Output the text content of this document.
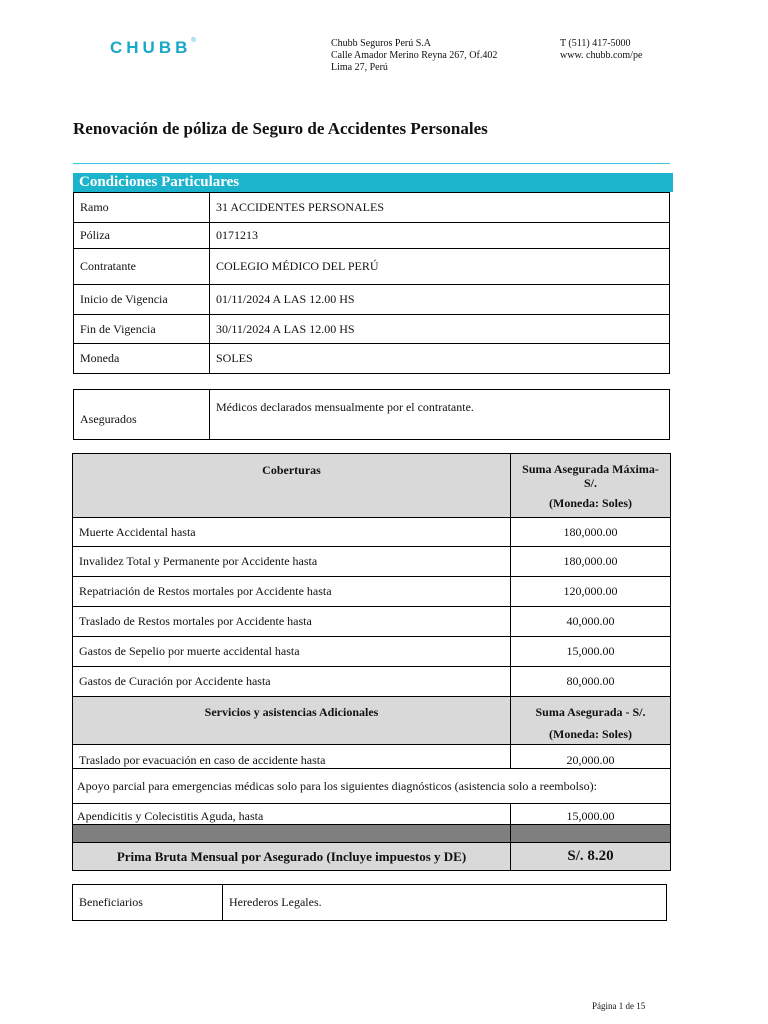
CHUBB®	Chubb Seguros Perú S.A
Calle Amador Merino Reyna 267, Of.402
Lima 27, Perú
T (511) 417-5000
www. chubb.com/pe
Renovación de póliza de Seguro de Accidentes Personales
Condiciones Particulares
Ramo	31 ACCIDENTES PERSONALES
Póliza	0171213
Contratante	COLEGIO MÉDICO DEL PERÚ
Inicio de Vigencia	01/11/2024 A LAS 12.00 HS
Fin de Vigencia	30/11/2024 A LAS 12.00 HS
Moneda	SOLES
Asegurados	Médicos declarados mensualmente por el contratante.
Coberturas	Suma Asegurada Máxima- S/.
(Moneda: Soles)

Muerte Accidental hasta	180,000.00
Invalidez Total y Permanente por Accidente hasta	180,000.00
Repatriación de Restos mortales por Accidente hasta	120,000.00
Traslado de Restos mortales por Accidente hasta	40,000.00
Gastos de Sepelio por muerte accidental hasta	15,000.00
Gastos de Curación por Accidente hasta	80,000.00
Servicios y asistencias Adicionales	Suma Asegurada - S/.
(Moneda: Soles)

Traslado por evacuación en caso de accidente hasta	20,000.00
Apoyo parcial para emergencias médicas solo para los siguientes diagnósticos (asistencia solo a reembolso):	
Apendicitis y Colecistitis Aguda, hasta	15,000.00

Prima Bruta Mensual por Asegurado (Incluye impuestos y DE)	S/. 8.20
Beneficiarios	Herederos Legales.
Página 1 de 15
